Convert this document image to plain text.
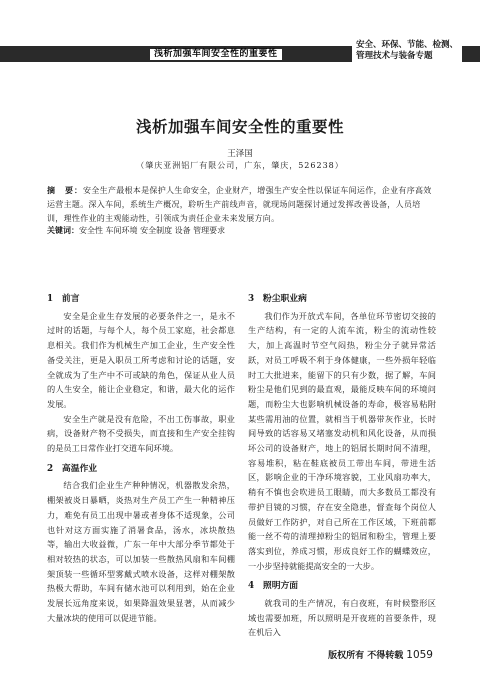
浅析加强车间安全性的重要性
安全、环保、节能、检测、
管理技术与装备专题
浅析加强车间安全性的重要性
王泽国
（肇庆亚洲铝厂有限公司，广东，肇庆，526238）
摘　要：安全生产最根本是保护人生命安全，企业财产，增强生产安全性以保证车间运作，企业有序高效运营主题。深入车间，系统生产概况，聆听生产前线声音，就现场问题探讨通过发挥改善设备，人员培训，理性作业的主观能动性，引领成为责任企业未来发展方向。
关键词：安全性 车间环境 安全制度 设备 管理要求
1　前言

安全是企业生存发展的必要条件之一，是永不过时的话题，与每个人，每个员工家庭，社会都息息相关。我们作为机械生产加工企业，生产安全性备受关注，更是入职员工所考虑和讨论的话题，安全就成为了生产中不可或缺的角色，保证从业人员的人生安全，能让企业稳定，和谐，最大化的运作发展。

安全生产就是没有危险，不出工伤事故，职业病，设备财产物不受损失，而直接和生产安全挂钩的是员工日常作业打交道车间环境。

2　高温作业

结合我们企业生产种种情况，机器散发余热，棚架被炎日暴晒，炎热对生产员工产生一种精神压力，难免有员工出现中暑或者身体不适现象，公司也针对这方面实施了消暑食品，汤水，冰块散热等，输出大收益微，广东一年中大部分季节都处于相对较热的状态，可以加装一些散热风扇和车间棚架顶装一些循环型雾戴式喷水设备，这样对棚架散热极大帮助，车间有储水池可以利用到，始在企业发展长远角度来说，如果降温效果显著，从而减少大量冰块的使用可以促进节能。

3　粉尘职业病

我们作为开放式车间，各单位环节密切交接的生产结构，有一定的人流车流，粉尘的流动性较大，加上高温时节空气闷热，粉尘分子就异常活跃，对员工呼吸不利于身体健康，一些外损年轻临时工大批进来，能留下的只有少数，据了解，车间粉尘是他们见到的最直观，最能反映车间的环境问题，而粉尘大也影响机械设备的寿命，极容易粘附某些需用油的位置，就相当于机器带灰作业，长时间导致的话容易又堵塞发动机和风化设备，从而损坏公司的设备财产，地上的铝屑长期时间不清理，容易堆积，粘在鞋底被员工带出车间，带进生活区，影响企业的干净环境容貌，工业风扇功率大，稍有不慎也会吹进员工眼睛，而大多数员工都没有带护目镜的习惯，存在安全隐患，督查每个岗位人员做好工作防护，对自己所在工作区域，下班前都能一丝不苟的清理掉粉尘的铝屑和粉尘，管理上要落实到位，养成习惯，形成良好工作的蝴蝶效应，一小步坚持就能提高安全的一大步。

4　照明方面

就我司的生产情况，有白夜班，有时候整形区域也需要加班，所以照明是开夜班的首要条件，现在机后入

版权所有 不得转载 1059
